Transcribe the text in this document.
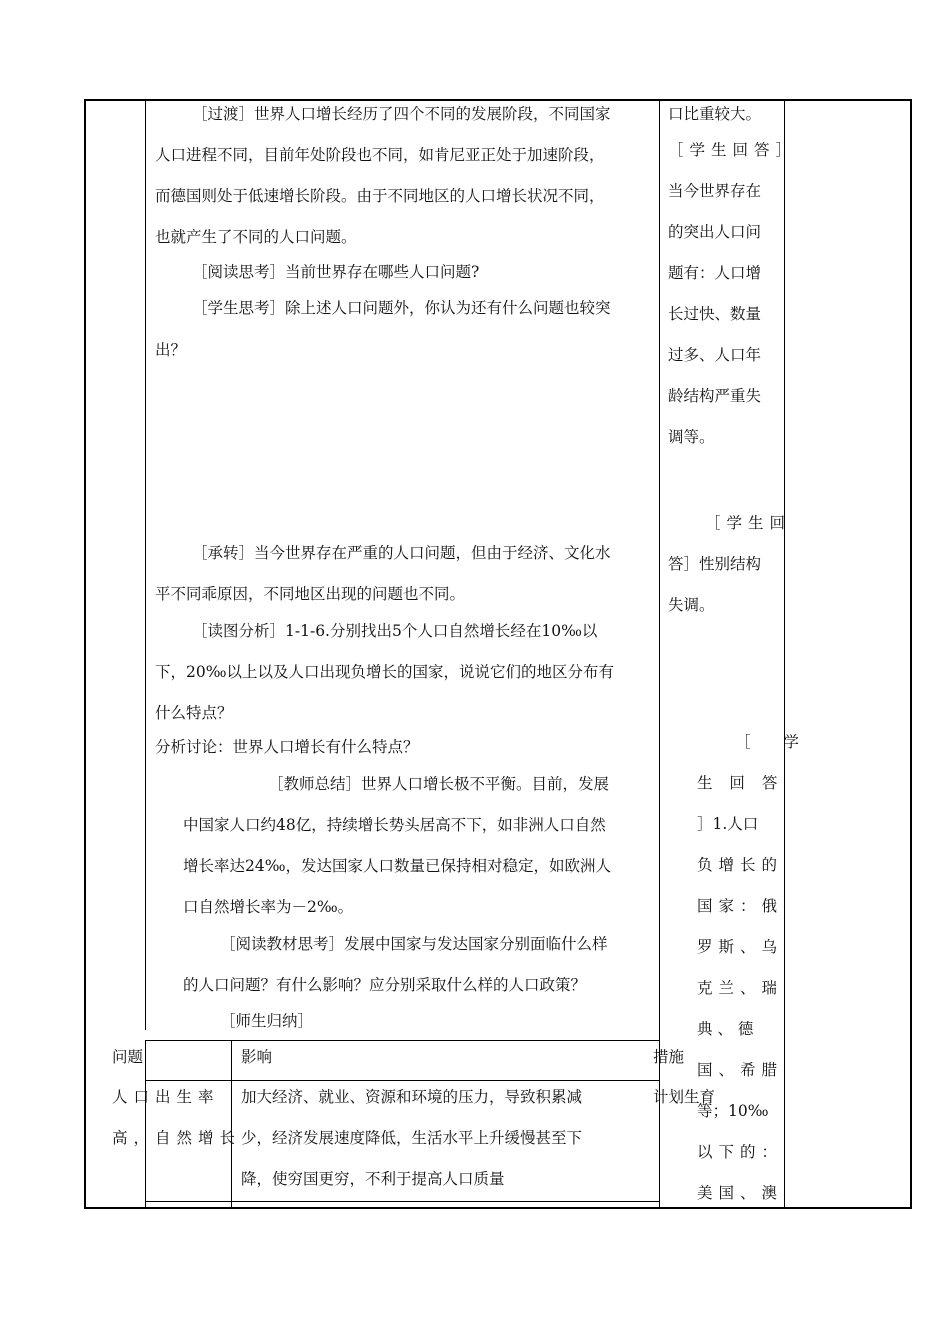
［过渡］世界人口增长经历了四个不同的发展阶段，不同国家
人口进程不同，目前年处阶段也不同，如肯尼亚正处于加速阶段，
而德国则处于低速增长阶段。由于不同地区的人口增长状况不同，
也就产生了不同的人口问题。
［阅读思考］当前世界存在哪些人口问题?
［学生思考］除上述人口问题外，你认为还有什么问题也较突
出？
［承转］当今世界存在严重的人口问题，但由于经济、文化水
平不同乖原因，不同地区出现的问题也不同。
［读图分析］1-1-6.分别找出5个人口自然增长经在10‰以
下，20‰以上以及人口出现负增长的国家，说说它们的地区分布有
什么特点？
分析讨论：世界人口增长有什么特点？
［教师总结］世界人口增长极不平衡。目前，发展
中国家人口约48亿，持续增长势头居高不下，如非洲人口自然
增长率达24‰，发达国家人口数量已保持相对稳定，如欧洲人
口自然增长率为－2‰。
［阅读教材思考］发展中国家与发达国家分别面临什么样
的人口问题？有什么影响？应分别采取什么样的人口政策？
［师生归纳］
问题	影响	措施
人口出生率
高，自然增长
加大经济、就业、资源和环境的压力，导致积累减
少，经济发展速度降低，生活水平上升缓慢甚至下
降，使穷国更穷，不利于提高人口质量
计划生育
口比重较大。
［学生回答］
当今世界存在
的突出人口问
题有：人口增
长过快、数量
过多、人口年
龄结构严重失
调等。
［学生回
答］性别结构
失调。
［ 学
生 回 答
］1.人口
负增长的
国家：俄
罗斯、乌
克兰、瑞
典 、 德
国、希腊
等；10‰
以下的：
美国、澳
